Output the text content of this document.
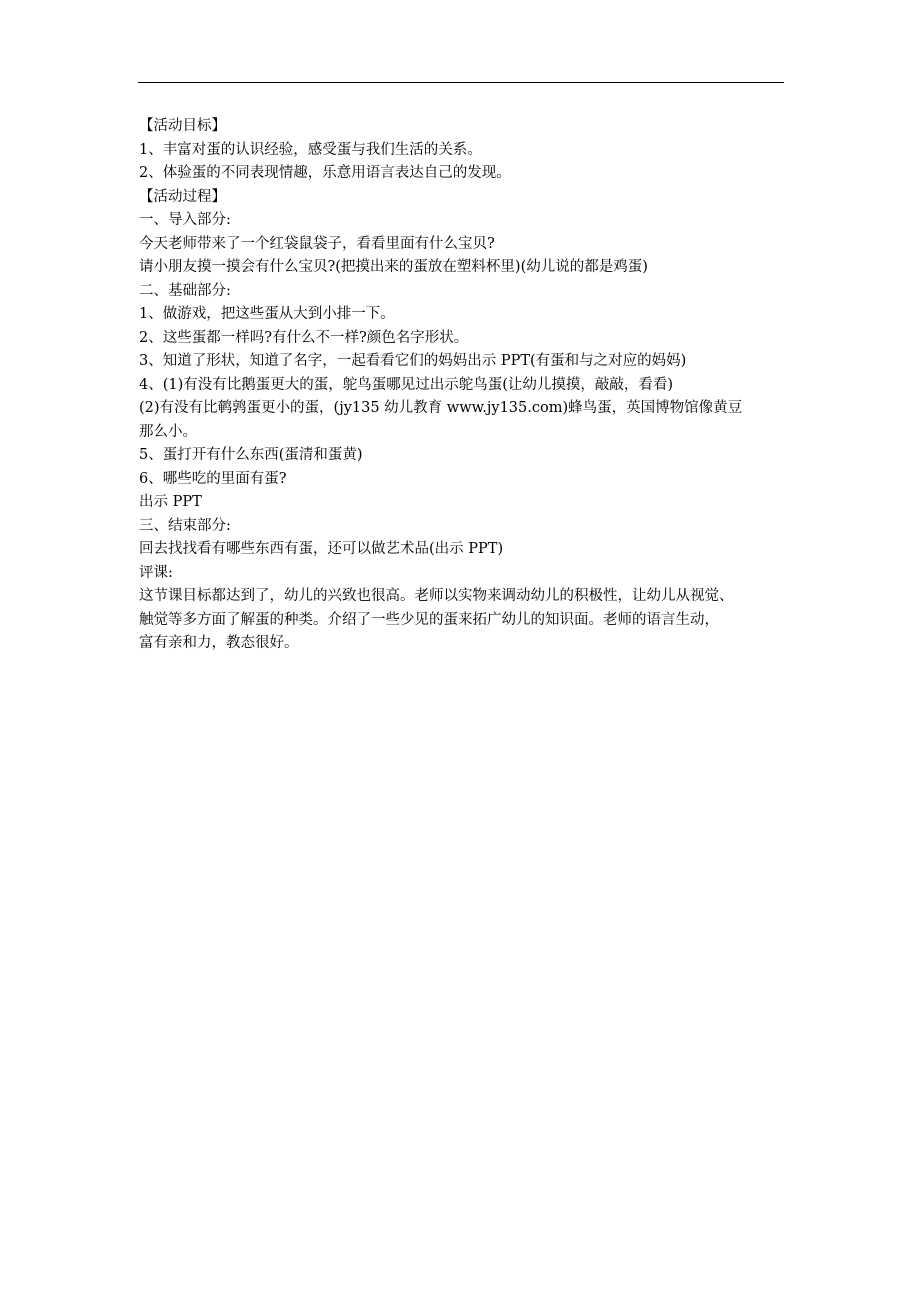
【活动目标】
1、丰富对蛋的认识经验，感受蛋与我们生活的关系。
2、体验蛋的不同表现情趣，乐意用语言表达自己的发现。
【活动过程】
一、导入部分:
今天老师带来了一个红袋鼠袋子，看看里面有什么宝贝?
请小朋友摸一摸会有什么宝贝?(把摸出来的蛋放在塑料杯里)(幼儿说的都是鸡蛋)
二、基础部分:
1、做游戏，把这些蛋从大到小排一下。
2、这些蛋都一样吗?有什么不一样?颜色名字形状。
3、知道了形状，知道了名字，一起看看它们的妈妈出示 PPT(有蛋和与之对应的妈妈)
4、(1)有没有比鹅蛋更大的蛋，鸵鸟蛋哪见过出示鸵鸟蛋(让幼儿摸摸，敲敲，看看)
(2)有没有比鹌鹑蛋更小的蛋，(jy135 幼儿教育 www.jy135.com)蜂鸟蛋，英国博物馆像黄豆
那么小。
5、蛋打开有什么东西(蛋清和蛋黄)
6、哪些吃的里面有蛋?
出示 PPT
三、结束部分:
回去找找看有哪些东西有蛋，还可以做艺术品(出示 PPT)
评课:
这节课目标都达到了，幼儿的兴致也很高。老师以实物来调动幼儿的积极性，让幼儿从视觉、
触觉等多方面了解蛋的种类。介绍了一些少见的蛋来拓广幼儿的知识面。老师的语言生动，
富有亲和力，教态很好。
